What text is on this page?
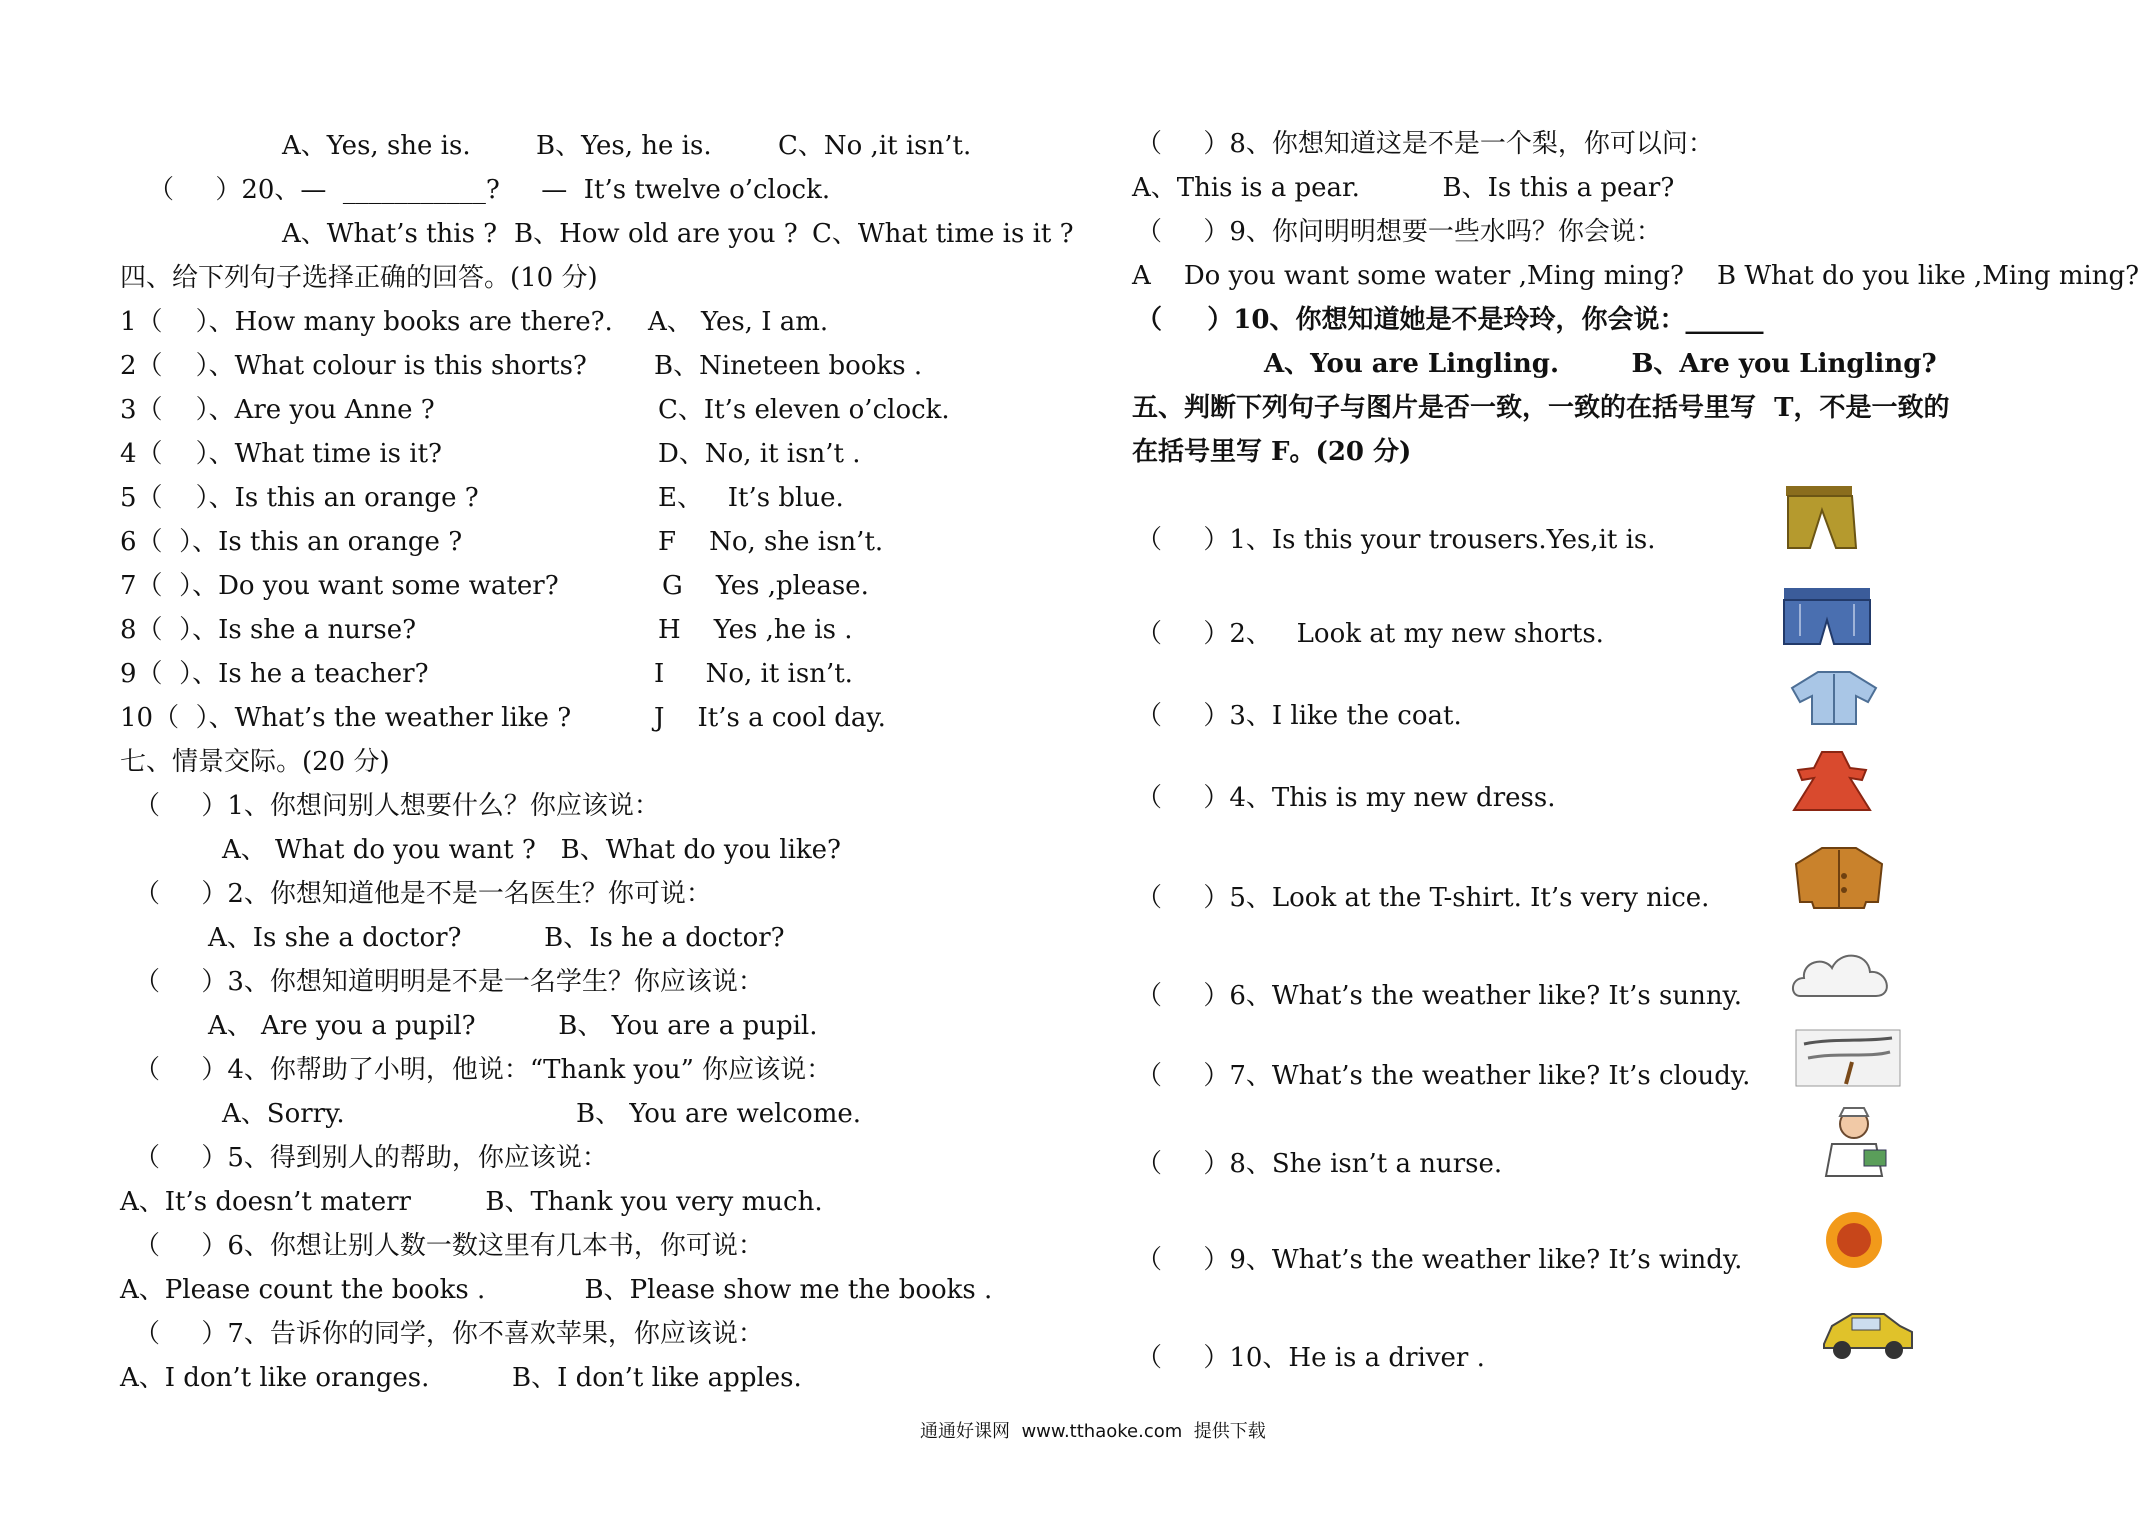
A、Yes, she is.	B、Yes, he is.	C、No ,it isn’t.
（     ）20、—  ___________?     —  It’s twelve o’clock.
A、What’s this ? B、How old are you ? C、What time is it ?
四、给下列句子选择正确的回答。(10 分)
1（    ）、How many books are there?.
2（    ）、What colour is this shorts?
3（    ）、Are you Anne ?
4（    ）、What time is it?
5（    ）、Is this an orange ?
6（  ）、Is this an orange ?
7（  ）、Do you want some water?
8（  ）、Is she a nurse?
9（  ）、Is he a teacher?
10（  ）、What’s the weather like ?
A、 Yes, I am.
B、Nineteen books .
C、It’s eleven o’clock.
D、No, it isn’t .
E、   It’s blue.
F    No, she isn’t.
G    Yes ,please.
H    Yes ,he is .
I     No, it isn’t.
J    It’s a cool day.
七、情景交际。(20 分)
（     ）1、你想问别人想要什么？你应该说：
A、 What do you want ?   B、What do you like?
（     ）2、你想知道他是不是一名医生？你可说：
A、Is she a doctor?          B、Is he a doctor?
（     ）3、你想知道明明是不是一名学生？你应该说：
A、 Are you a pupil?          B、 You are a pupil.
（     ）4、你帮助了小明，他说：“Thank you” 你应该说：
A、Sorry.                            B、 You are welcome.
（     ）5、得到别人的帮助，你应该说：
A、It’s doesn’t materr         B、Thank you very much.
（     ）6、你想让别人数一数这里有几本书，你可说：
A、Please count the books .            B、Please show me the books .
（     ）7、告诉你的同学，你不喜欢苹果，你应该说：
A、I don’t like oranges.          B、I don’t like apples.
（     ）8、你想知道这是不是一个梨，你可以问：
A、This is a pear.          B、Is this a pear?
（     ）9、你问明明想要一些水吗？你会说：
A    Do you want some water ,Ming ming?    B What do you like ,Ming ming?
（     ）10、你想知道她是不是玲玲，你会说：______
A、You are Lingling.        B、Are you Lingling?
五、判断下列句子与图片是否一致，一致的在括号里写  T，不是一致的
在括号里写 F。(20 分)
（     ）1、Is this your trousers.Yes,it is.
（     ）2、   Look at my new shorts.
（     ）3、I like the coat.
（     ）4、This is my new dress.
（     ）5、Look at the T-shirt. It’s very nice.
（     ）6、What’s the weather like? It’s sunny.
（     ）7、What’s the weather like? It’s cloudy.
（     ）8、She isn’t a nurse.
（     ）9、What’s the weather like? It’s windy.
（     ）10、He is a driver .
通通好课网  www.tthaoke.com  提供下载
